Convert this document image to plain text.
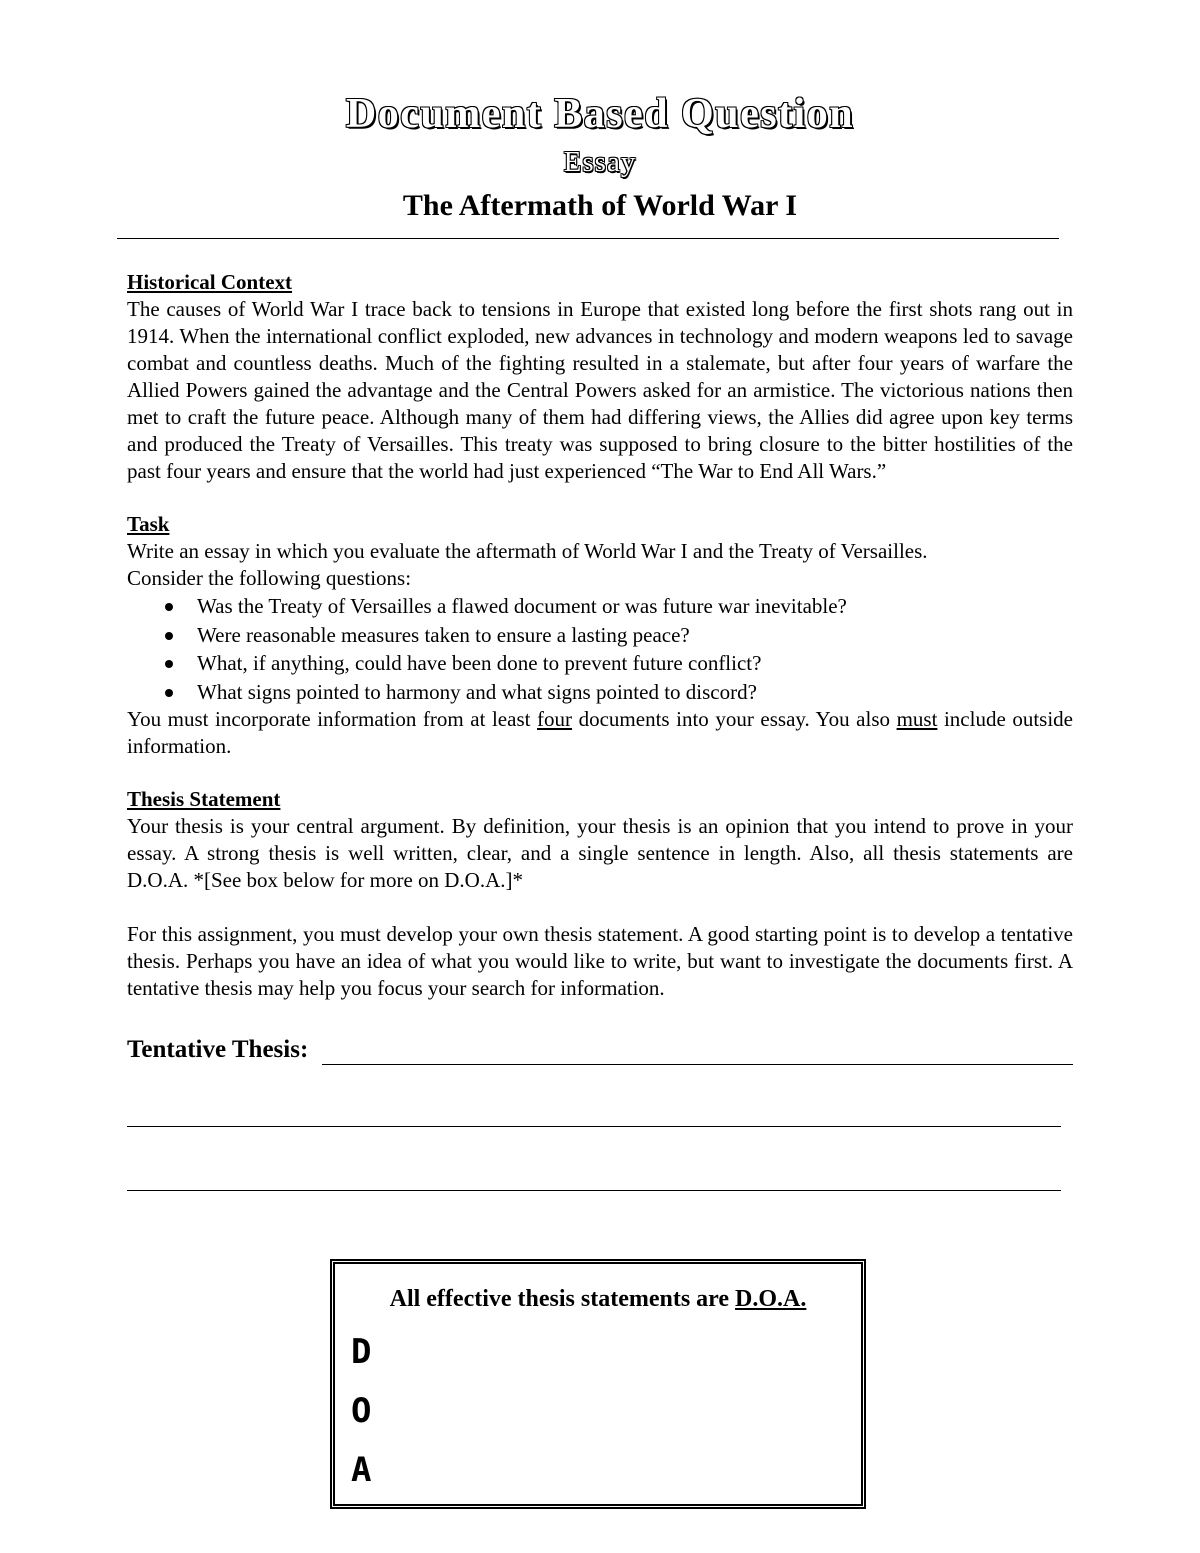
Document Based Question
Essay
The Aftermath of World War I
Historical Context

The causes of World War I trace back to tensions in Europe that existed long before the first shots rang out in 1914. When the international conflict exploded, new advances in technology and modern weapons led to savage combat and countless deaths. Much of the fighting resulted in a stalemate, but after four years of warfare the Allied Powers gained the advantage and the Central Powers asked for an armistice. The victorious nations then met to craft the future peace. Although many of them had differing views, the Allies did agree upon key terms and produced the Treaty of Versailles. This treaty was supposed to bring closure to the bitter hostilities of the past four years and ensure that the world had just experienced “The War to End All Wars.”

Task

Write an essay in which you evaluate the aftermath of World War I and the Treaty of Versailles.

Consider the following questions:

Was the Treaty of Versailles a flawed document or was future war inevitable?
Were reasonable measures taken to ensure a lasting peace?
What, if anything, could have been done to prevent future conflict?
What signs pointed to harmony and what signs pointed to discord?

You must incorporate information from at least four documents into your essay. You also must include outside information.

Thesis Statement

Your thesis is your central argument. By definition, your thesis is an opinion that you intend to prove in your essay. A strong thesis is well written, clear, and a single sentence in length. Also, all thesis statements are D.O.A. *[See box below for more on D.O.A.]*

For this assignment, you must develop your own thesis statement. A good starting point is to develop a tentative thesis. Perhaps you have an idea of what you would like to write, but want to investigate the documents first. A tentative thesis may help you focus your search for information.

Tentative Thesis:
All effective thesis statements are D.O.A.
D
O
A
